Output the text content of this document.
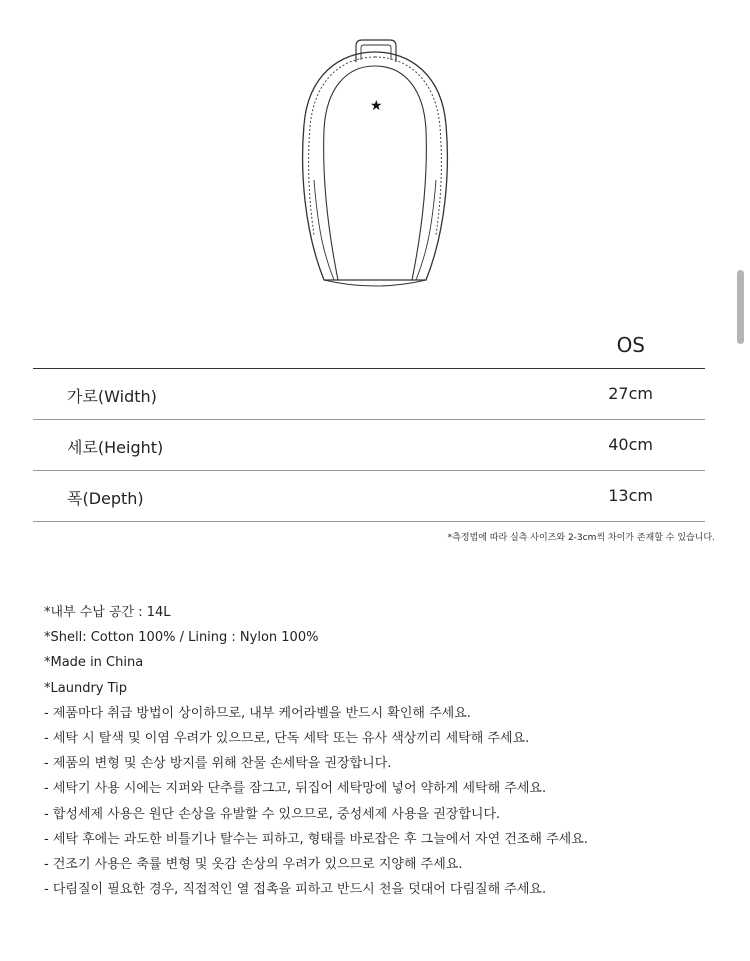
★
OS
가로(Width)	27cm
세로(Height)	40cm
폭(Depth)	13cm
*측정법에 따라 실측 사이즈와 2-3cm씩 차이가 존재할 수 있습니다.
*내부 수납 공간 : 14L
*Shell: Cotton 100% / Lining : Nylon 100%
*Made in China
*Laundry Tip
- 제품마다 취급 방법이 상이하므로, 내부 케어라벨을 반드시 확인해 주세요.
- 세탁 시 탈색 및 이염 우려가 있으므로, 단독 세탁 또는 유사 색상끼리 세탁해 주세요.
- 제품의 변형 및 손상 방지를 위해 찬물 손세탁을 권장합니다.
- 세탁기 사용 시에는 지퍼와 단추를 잠그고, 뒤집어 세탁망에 넣어 약하게 세탁해 주세요.
- 합성세제 사용은 원단 손상을 유발할 수 있으므로, 중성세제 사용을 권장합니다.
- 세탁 후에는 과도한 비틀기나 탈수는 피하고, 형태를 바로잡은 후 그늘에서 자연 건조해 주세요.
- 건조기 사용은 축률 변형 및 옷감 손상의 우려가 있으므로 지양해 주세요.
- 다림질이 필요한 경우, 직접적인 열 접촉을 피하고 반드시 천을 덧대어 다림질해 주세요.
